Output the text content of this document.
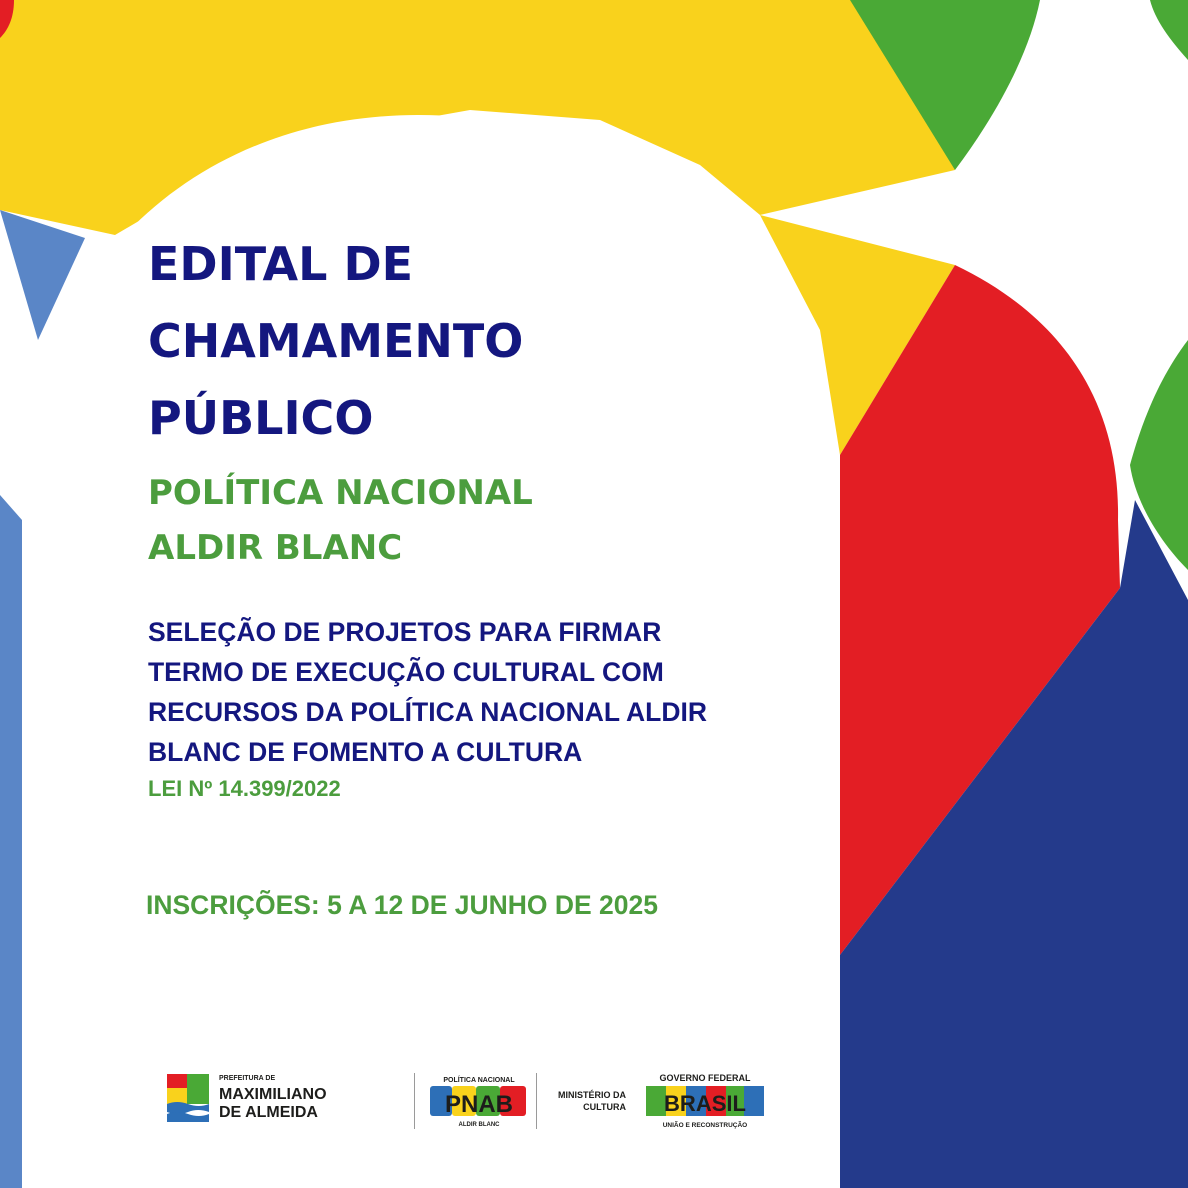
EDITAL DE
CHAMAMENTO
PÚBLICO
POLÍTICA NACIONAL
ALDIR BLANC
SELEÇÃO DE PROJETOS PARA FIRMAR
TERMO DE EXECUÇÃO CULTURAL COM
RECURSOS DA POLÍTICA NACIONAL ALDIR
BLANC DE FOMENTO A CULTURA
LEI Nº 14.399/2022
INSCRIÇÕES: 5 A 12 DE JUNHO DE 2025
PREFEITURA DE
MAXIMILIANO
DE ALMEIDA
POLÍTICA NACIONAL
PNAB
ALDIR BLANC
MINISTÉRIO DA
CULTURA
GOVERNO FEDERAL
BRASIL
UNIÃO E RECONSTRUÇÃO
